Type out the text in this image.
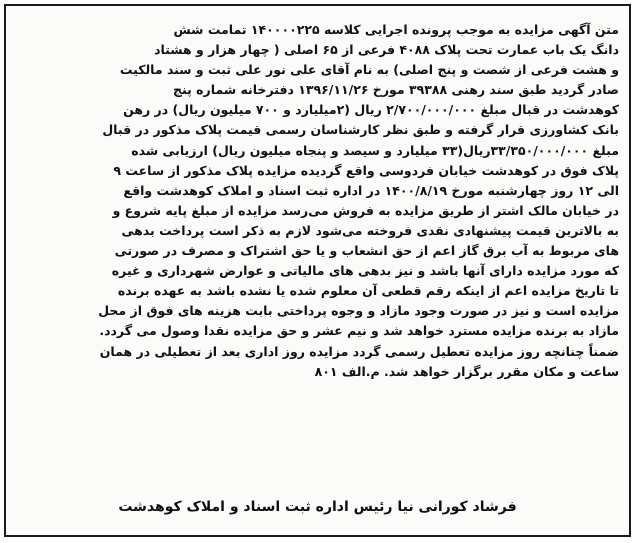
متن آگهی مزایده به موجب پرونده اجرایی کلاسه ۱۴۰۰۰۰۲۲۵ تمامت شش
دانگ یک باب عمارت تحت پلاک ۴۰۸۸ فرعی از ۶۵ اصلی ( چهار هزار و هشتاد
و هشت فرعی از شصت و پنج اصلی) به نام آقای علی نور علی ثبت و سند مالکیت
صادر گردید طبق سند رهنی ۳۹۳۸۸ مورخ ۱۳۹۶/۱۱/۲۶ دفترخانه شماره پنج
کوهدشت در قبال مبلغ ۲/۷۰۰/۰۰۰/۰۰۰ ریال (۲میلیارد و ۷۰۰ میلیون ریال) در رهن
بانک کشاورزی قرار گرفته و طبق نظر کارشناسان رسمی قیمت پلاک مذکور در قبال
مبلغ ۳۳/۳۵۰/۰۰۰/۰۰۰ریال(۳۳ میلیارد و سیصد و پنجاه میلیون ریال) ارزیابی شده
پلاک فوق در کوهدشت خیابان فردوسی واقع گردیده مزایده پلاک مذکور از ساعت ۹
الی ۱۲ روز چهارشنبه مورخ ۱۴۰۰/۸/۱۹ در اداره ثبت اسناد و املاک کوهدشت واقع
در خیابان مالک اشتر از طریق مزایده به فروش می‌رسد مزایده از مبلغ پایه شروع و
به بالاترین قیمت پیشنهادی نقدی فروخته می‌شود لازم به ذکر است پرداخت بدهی
های مربوط به آب برق گاز اعم از حق انشعاب و یا حق اشتراک و مصرف در صورتی
که مورد مزایده دارای آنها باشد و نیز بدهی های مالیاتی و عوارض شهرداری و غیره
تا تاریخ مزایده اعم از اینکه رقم قطعی آن معلوم شده یا نشده باشد به عهده برنده
مزایده است و نیز در صورت وجود مازاد و وجوه پرداختی بابت هزینه های فوق از محل
مازاد به برنده مزایده مسترد خواهد شد و نیم عشر و حق مزایده نقدا وصول می گردد.
ضمناً چنانچه روز مزایده تعطیل رسمی گردد مزایده روز اداری بعد از تعطیلی در همان
ساعت و مکان مقرر برگزار خواهد شد. م.الف ۸۰۱
فرشاد کورانی نیا رئیس اداره ثبت اسناد و املاک کوهدشت
